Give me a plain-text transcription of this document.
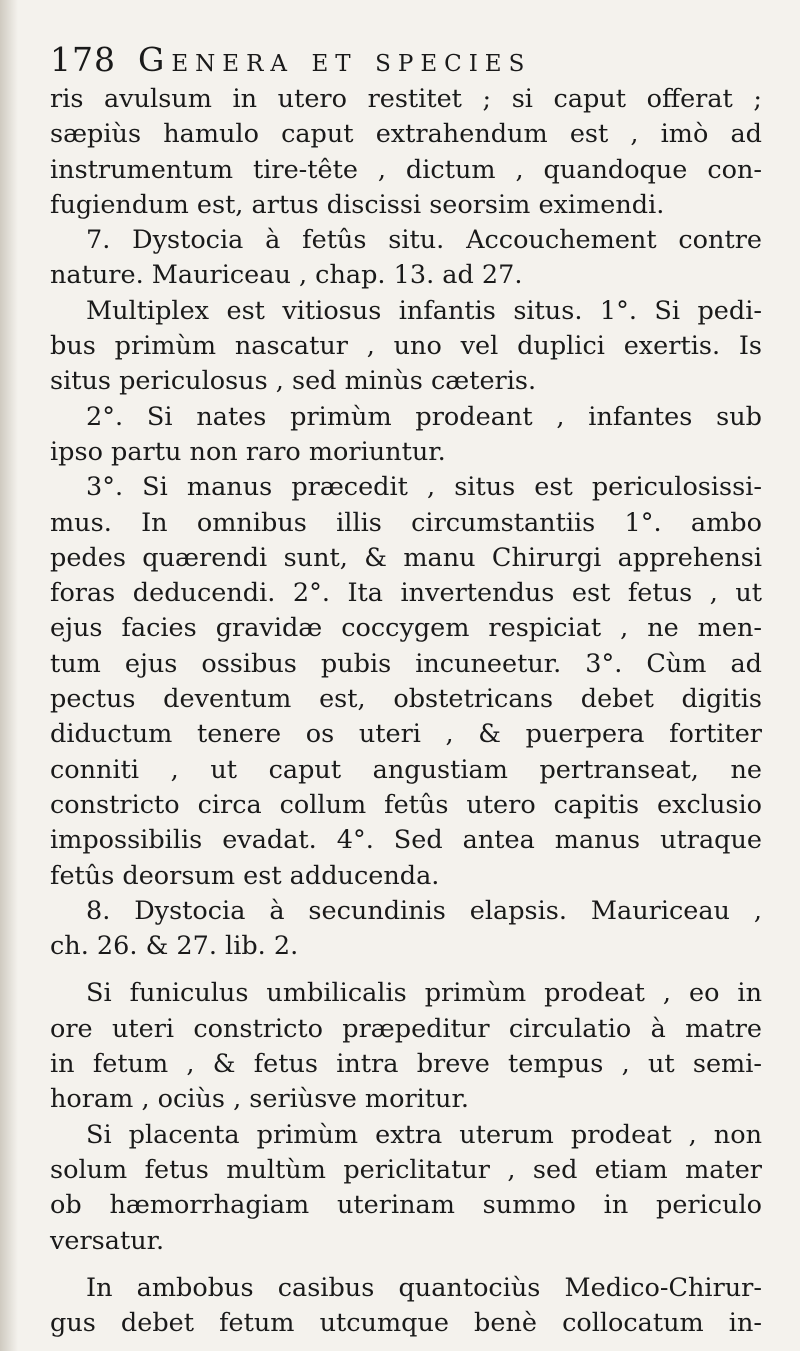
178 Genera et species
ris avulsum in utero restitet ; si caput offerat ;
sæpiùs hamulo caput extrahendum est , imò ad
instrumentum tire-tête , dictum , quandoque con-
fugiendum est, artus discissi seorsim eximendi.
7. Dystocia à fetûs situ. Accouchement contre
nature. Mauriceau , chap. 13. ad 27.
Multiplex est vitiosus infantis situs. 1°. Si pedi-
bus primùm nascatur , uno vel duplici exertis. Is
situs periculosus , sed minùs cæteris.
2°. Si nates primùm prodeant , infantes sub
ipso partu non raro moriuntur.
3°. Si manus præcedit , situs est periculosissi-
mus. In omnibus illis circumstantiis 1°. ambo
pedes quærendi sunt, & manu Chirurgi apprehensi
foras deducendi. 2°. Ita invertendus est fetus , ut
ejus facies gravidæ coccygem respiciat , ne men-
tum ejus ossibus pubis incuneetur. 3°. Cùm ad
pectus deventum est, obstetricans debet digitis
diductum tenere os uteri , & puerpera fortiter
conniti , ut caput angustiam pertranseat, ne
constricto circa collum fetûs utero capitis exclusio
impossibilis evadat. 4°. Sed antea manus utraque
fetûs deorsum est adducenda.
8. Dystocia à secundinis elapsis. Mauriceau ,
ch. 26. & 27. lib. 2.
Si funiculus umbilicalis primùm prodeat , eo in
ore uteri constricto præpeditur circulatio à matre
in fetum , & fetus intra breve tempus , ut semi-
horam , ociùs , seriùsve moritur.
Si placenta primùm extra uterum prodeat , non
solum fetus multùm periclitatur , sed etiam mater
ob hæmorrhagiam uterinam summo in periculo
versatur.
In ambobus casibus quantociùs Medico-Chirur-
gus debet fetum utcumque benè collocatum in-
